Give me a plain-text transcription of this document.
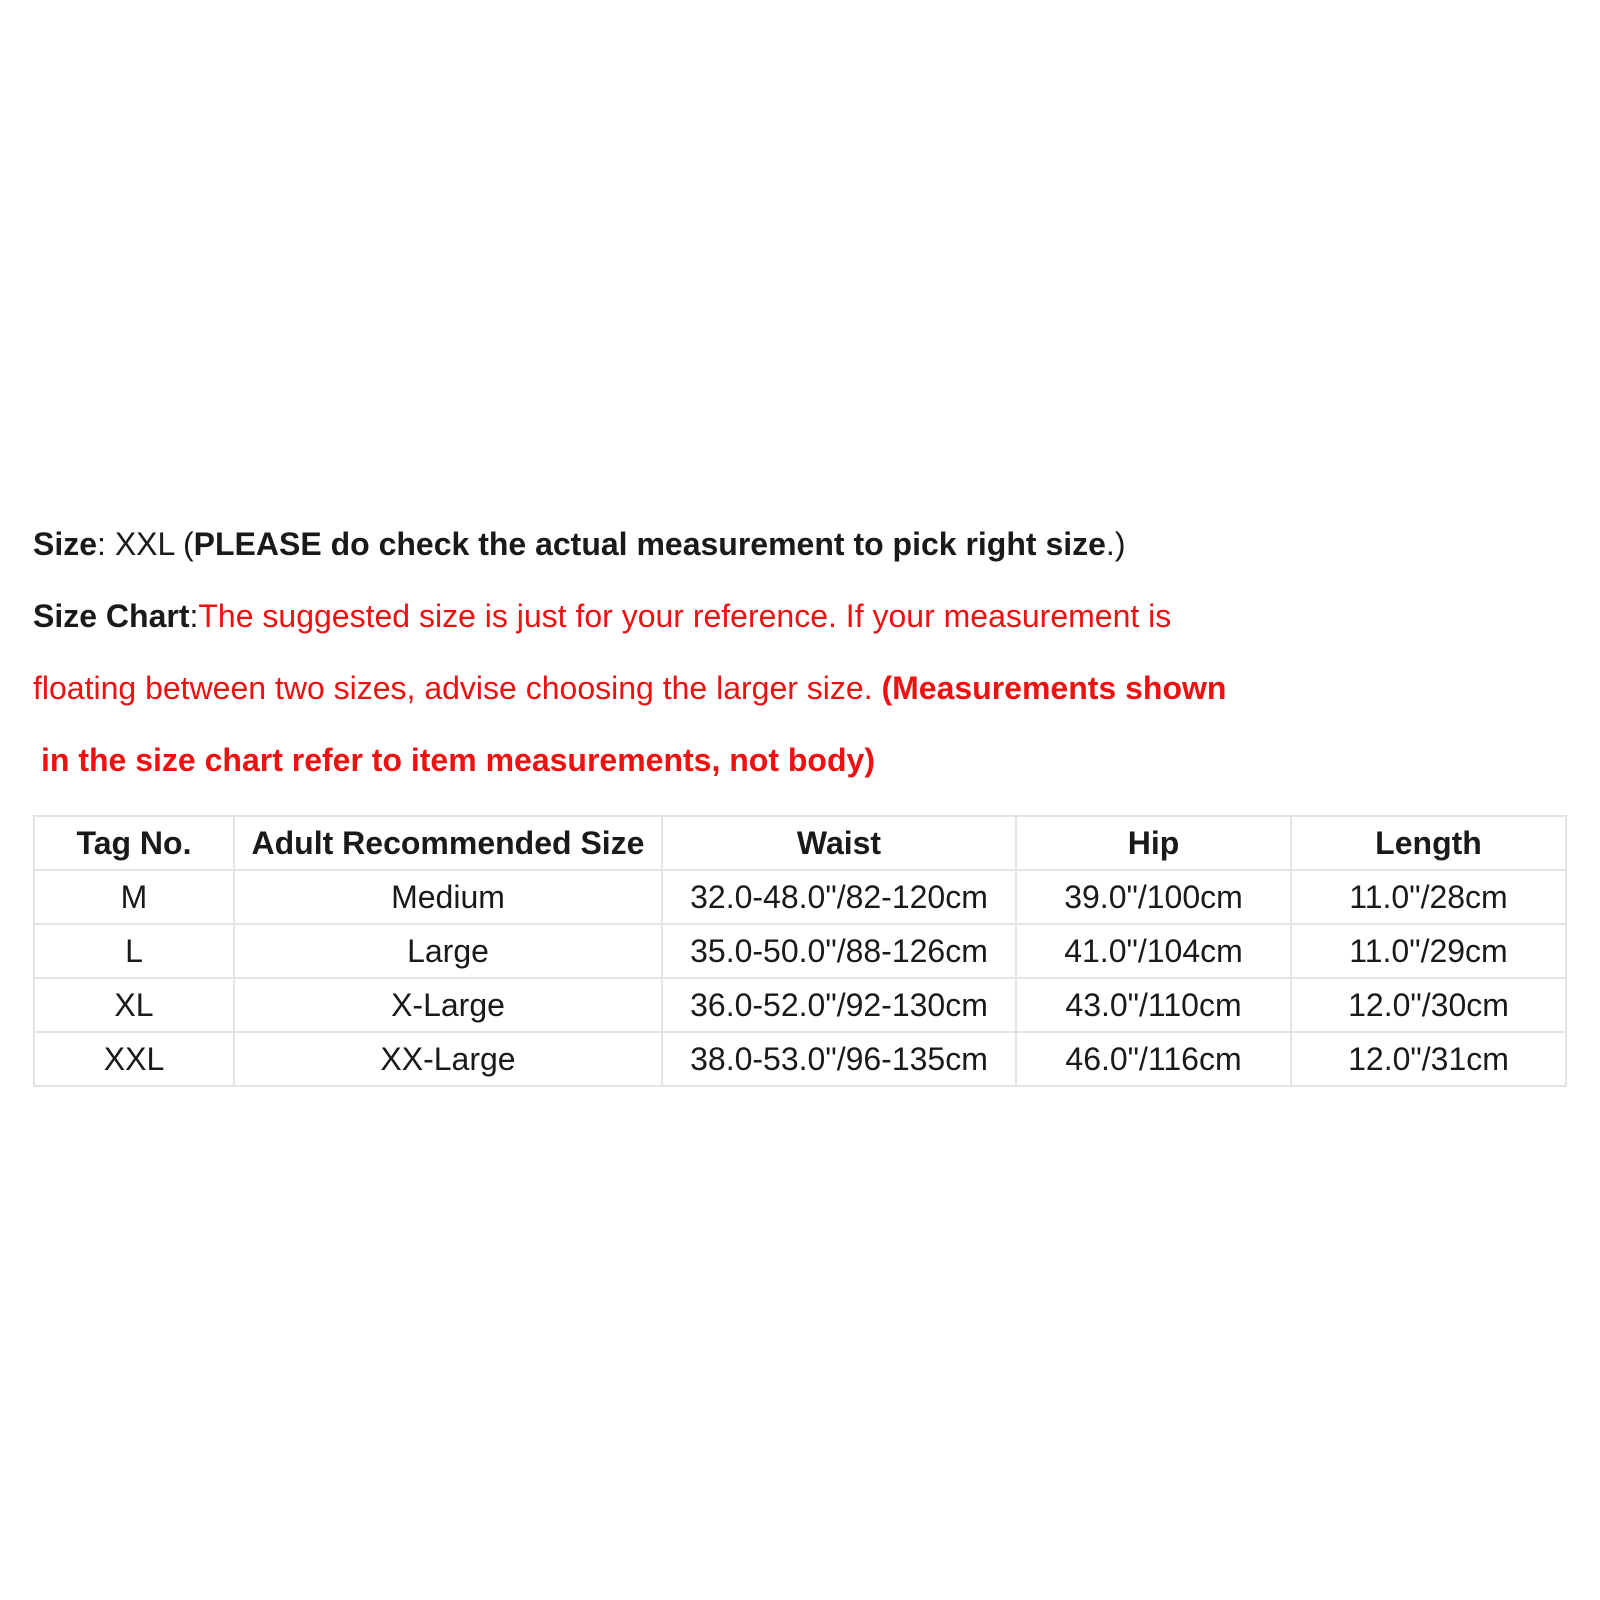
Size: XXL (PLEASE do check the actual measurement to pick right size.)
Size Chart:The suggested size is just for your reference. If your measurement is
floating between two sizes, advise choosing the larger size. (Measurements shown
in the size chart refer to item measurements, not body)
Tag No.	Adult Recommended Size	Waist	Hip	Length
M	Medium	32.0-48.0"/82-120cm	39.0"/100cm	11.0"/28cm
L	Large	35.0-50.0"/88-126cm	41.0"/104cm	11.0"/29cm
XL	X-Large	36.0-52.0"/92-130cm	43.0"/110cm	12.0"/30cm
XXL	XX-Large	38.0-53.0"/96-135cm	46.0"/116cm	12.0"/31cm
